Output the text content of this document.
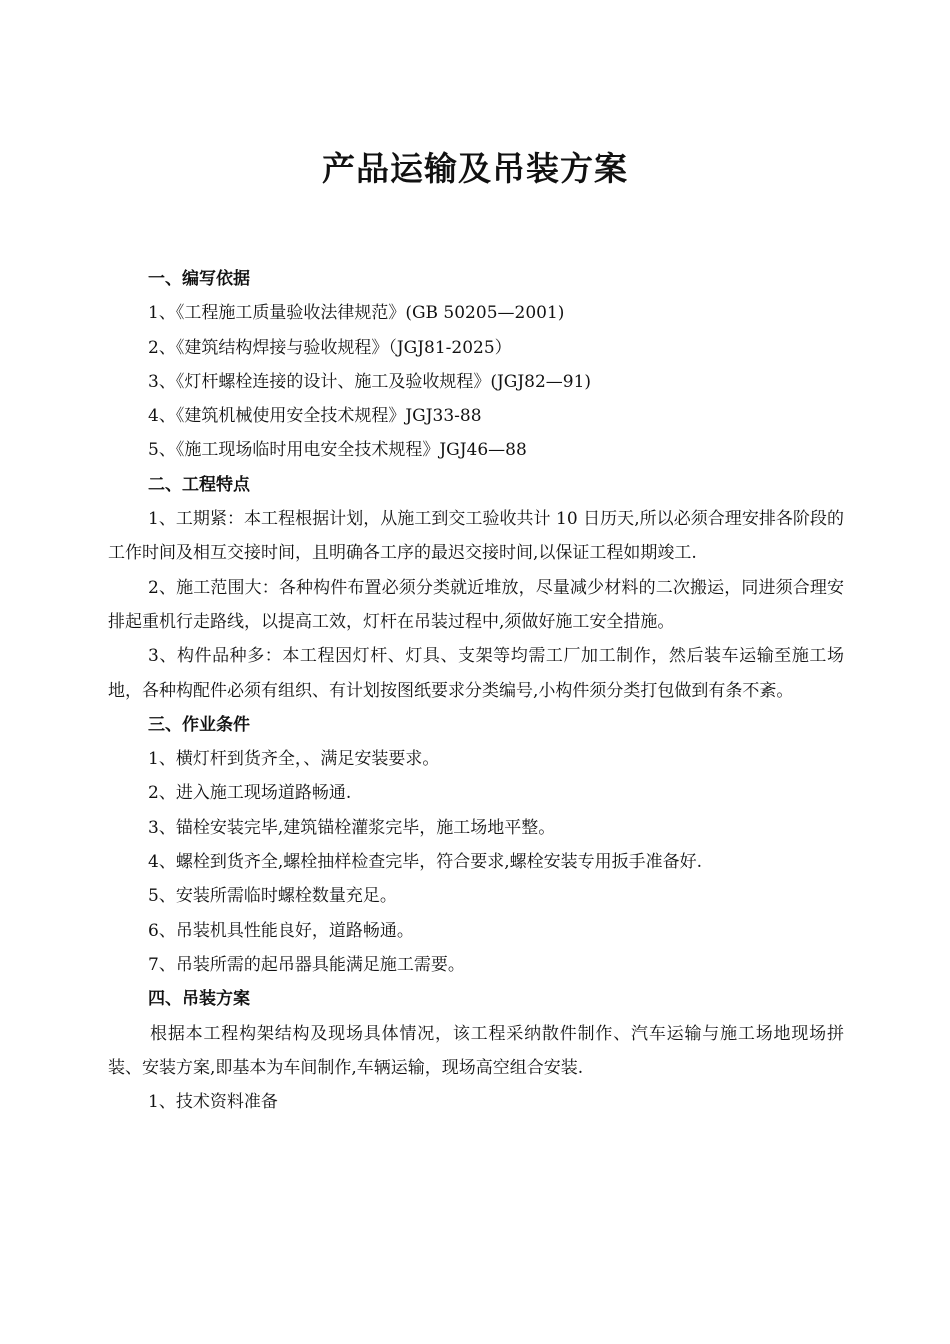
产品运输及吊装方案

一、编写依据

1、《工程施工质量验收法律规范》(GB 50205—2001)

2、《建筑结构焊接与验收规程》（JGJ81-2025）

3、《灯杆螺栓连接的设计、施工及验收规程》(JGJ82—91)

4、《建筑机械使用安全技术规程》JGJ33-88

5、《施工现场临时用电安全技术规程》JGJ46—88

二、工程特点

1、工期紧：本工程根据计划，从施工到交工验收共计 10 日历天,所以必须合理安排各阶段的工作时间及相互交接时间，且明确各工序的最迟交接时间,以保证工程如期竣工.

2、施工范围大：各种构件布置必须分类就近堆放，尽量减少材料的二次搬运，同进须合理安排起重机行走路线，以提高工效，灯杆在吊装过程中,须做好施工安全措施。

3、构件品种多：本工程因灯杆、灯具、支架等均需工厂加工制作，然后装车运输至施工场地，各种构配件必须有组织、有计划按图纸要求分类编号,小构件须分类打包做到有条不紊。

三、作业条件

1、横灯杆到货齐全，、满足安装要求。

2、进入施工现场道路畅通.

3、锚栓安装完毕,建筑锚栓灌浆完毕，施工场地平整。

4、螺栓到货齐全,螺栓抽样检查完毕，符合要求,螺栓安装专用扳手准备好.

5、安装所需临时螺栓数量充足。

6、吊装机具性能良好，道路畅通。

7、吊装所需的起吊器具能满足施工需要。

四、吊装方案

根据本工程构架结构及现场具体情况，该工程采纳散件制作、汽车运输与施工场地现场拼装、安装方案,即基本为车间制作,车辆运输，现场高空组合安装.

1、技术资料准备
